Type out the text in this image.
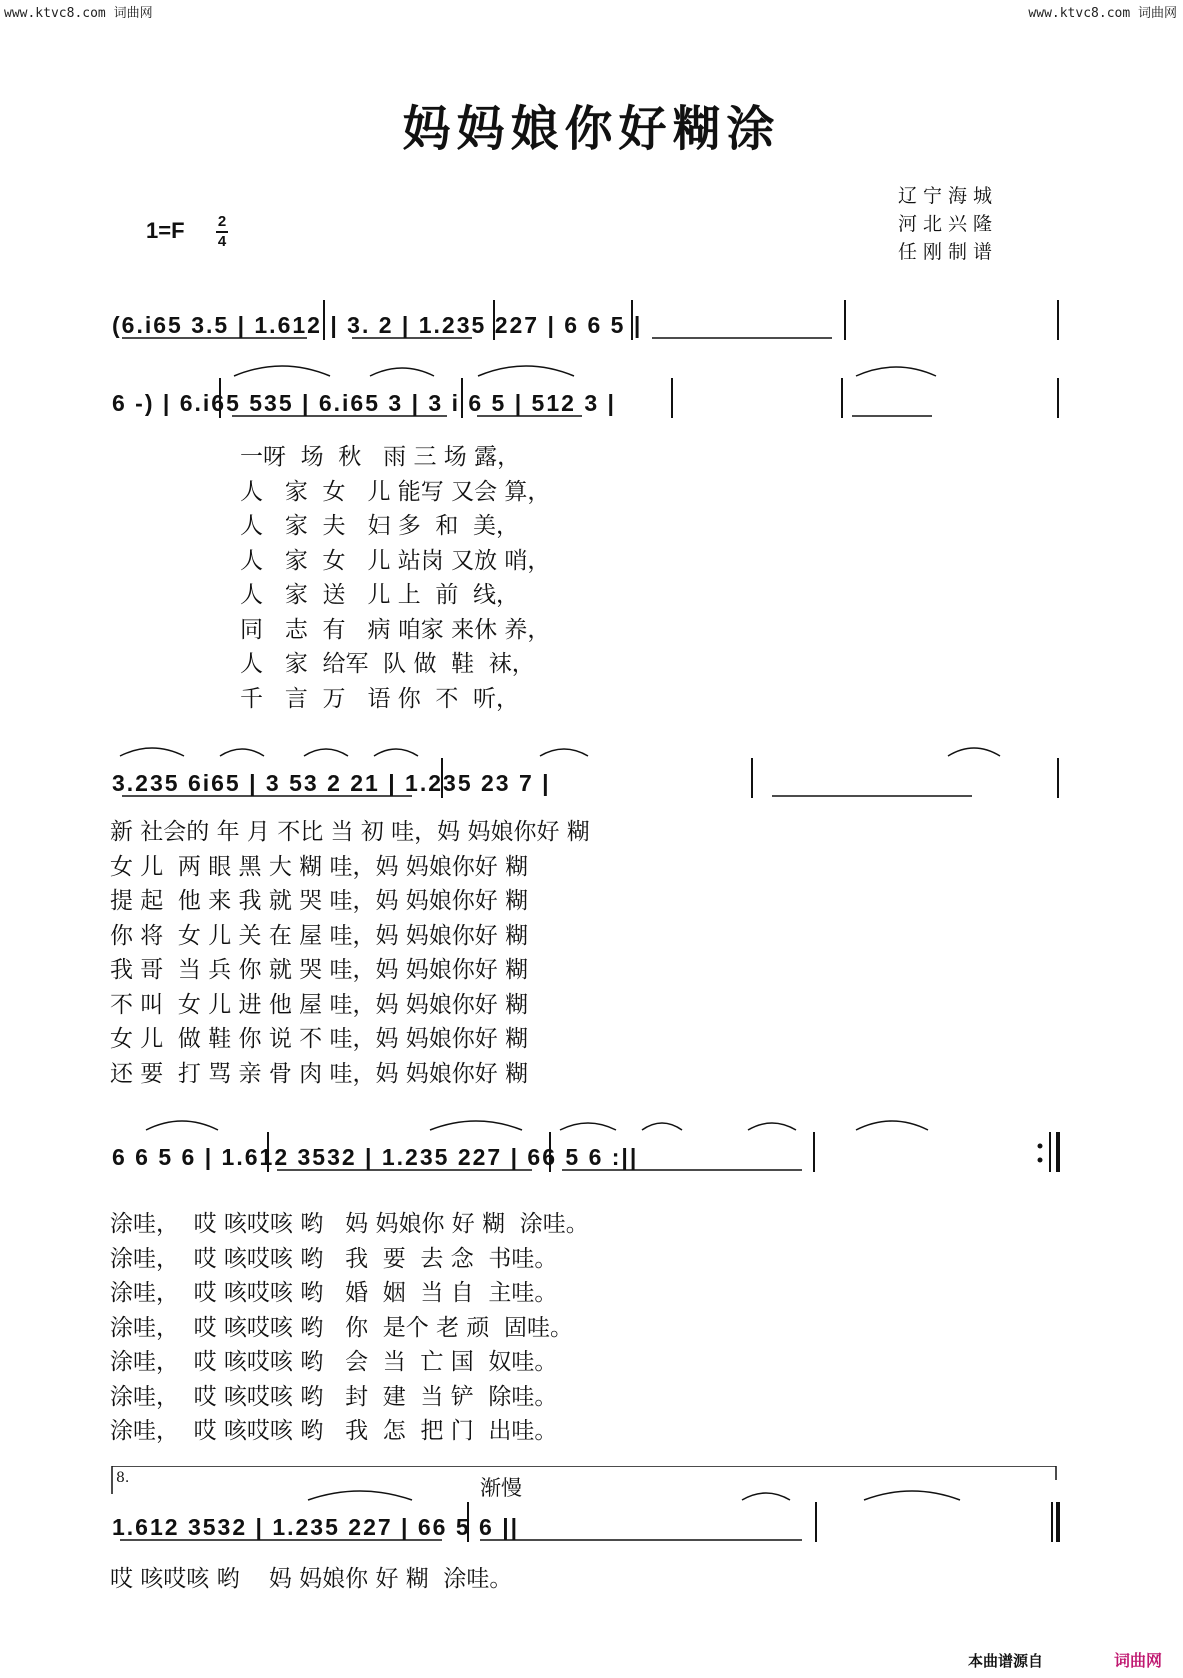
www.ktvc8.com 词曲网	www.ktvc8.com 词曲网
妈妈娘你好糊涂
1=F 2
4
辽宁海城
河北兴隆
任刚制谱
(6.i65 3.5 | 1.612 | 3. 2 | 1.235 227 | 6 6 5 |
6 -) | 6.i65 535 | 6.i65 3 | 3 i 6 5 | 512 3 |
一呀  场  秋   雨 三 场 露，
人   家  女   儿 能写 又会 算，
人   家  夫   妇 多  和  美，
人   家  女   儿 站岗 又放 哨，
人   家  送   儿 上  前  线，
同   志  有   病 咱家 来休 养，
人   家  给军  队 做  鞋  袜，
千   言  万   语 你  不  听，
3.235 6i65 | 3 53 2 21 | 1.235 23 7 |
新 社会的 年 月 不比 当 初 哇，妈 妈娘你好 糊
女 儿  两 眼 黑 大 糊 哇，妈 妈娘你好 糊
提 起  他 来 我 就 哭 哇，妈 妈娘你好 糊
你 将  女 儿 关 在 屋 哇，妈 妈娘你好 糊
我 哥  当 兵 你 就 哭 哇，妈 妈娘你好 糊
不 叫  女 儿 进 他 屋 哇，妈 妈娘你好 糊
女 儿  做 鞋 你 说 不 哇，妈 妈娘你好 糊
还 要  打 骂 亲 骨 肉 哇，妈 妈娘你好 糊
6 6 5 6 | 1.612 3532 | 1.235 227 | 66 5 6 :||
涂哇，  哎 咳哎咳 哟   妈 妈娘你 好 糊  涂哇。
涂哇，  哎 咳哎咳 哟   我  要  去 念  书哇。
涂哇，  哎 咳哎咳 哟   婚  姻  当 自  主哇。
涂哇，  哎 咳哎咳 哟   你  是个 老 顽  固哇。
涂哇，  哎 咳哎咳 哟   会  当  亡 国  奴哇。
涂哇，  哎 咳哎咳 哟   封  建  当 铲  除哇。
涂哇，  哎 咳哎咳 哟   我  怎  把 门  出哇。
8.	渐慢
1.612 3532 | 1.235 227 | 66 5 6 ||
哎 咳哎咳 哟    妈 妈娘你 好 糊  涂哇。
本曲谱源自	词曲网
